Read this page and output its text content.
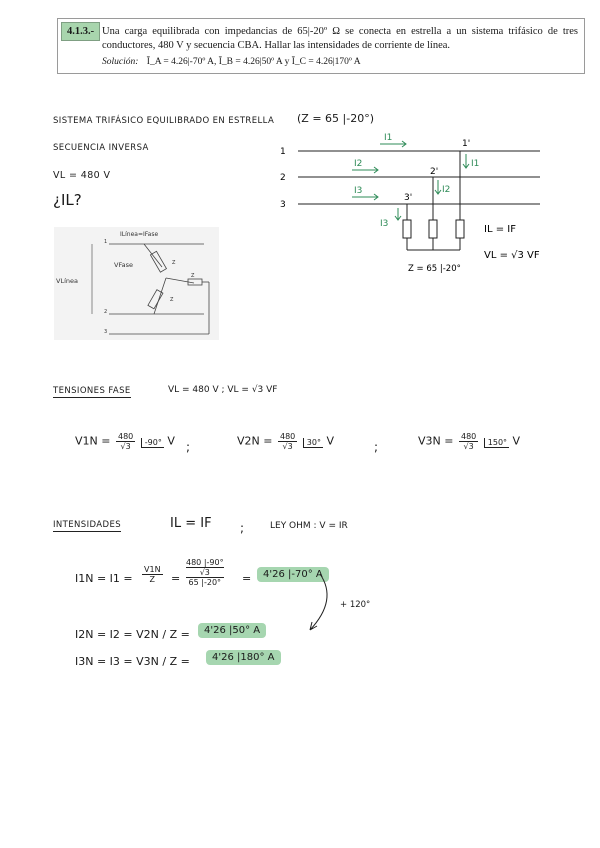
4.1.3.- Una carga equilibrada con impedancias de 65|-20º Ω se conecta en estrella a un sistema trifásico de tres conductores, 480 V y secuencia CBA. Hallar las intensidades de corriente de línea.
Solución: Ī_A = 4.26|-70º A, Ī_B = 4.26|50º A y Ī_C = 4.26|170º A
SISTEMA TRIFÁSICO EQUILIBRADO EN ESTRELLA (Z = 65 |-20°)
SECUENCIA INVERSA
VL = 480 V
¿IL?
1
2
3
1'
2'
3'
I1
I2
I3
I1
I2
I3	IL = IF
VL = √3 VF
Z = 65 |-20°
VLínea
VFase
ILínea=IFase
1
2
3
Z
Z
Z
TENSIONES FASE	VL = 480 V ; VL = √3 VF
$V1N = \frac{480}{√3} -90^\circ$ V ;	$V2N = \frac{480}{√3} 30^\circ$ V	;	$V3N = \frac{480}{√3} 150^\circ$ V
INTENSIDADES	IL = IF ;	LEY OHM : V = IR
$I1N = I1 = \frac{V1N}{Z}$ =
480 |-90°
√3
65 |-20° =	4'26 |-70° A
+ 120°
I2N = I2 = V2N / Z =	4'26 |50° A
I3N = I3 = V3N / Z =	4'26 |180° A
